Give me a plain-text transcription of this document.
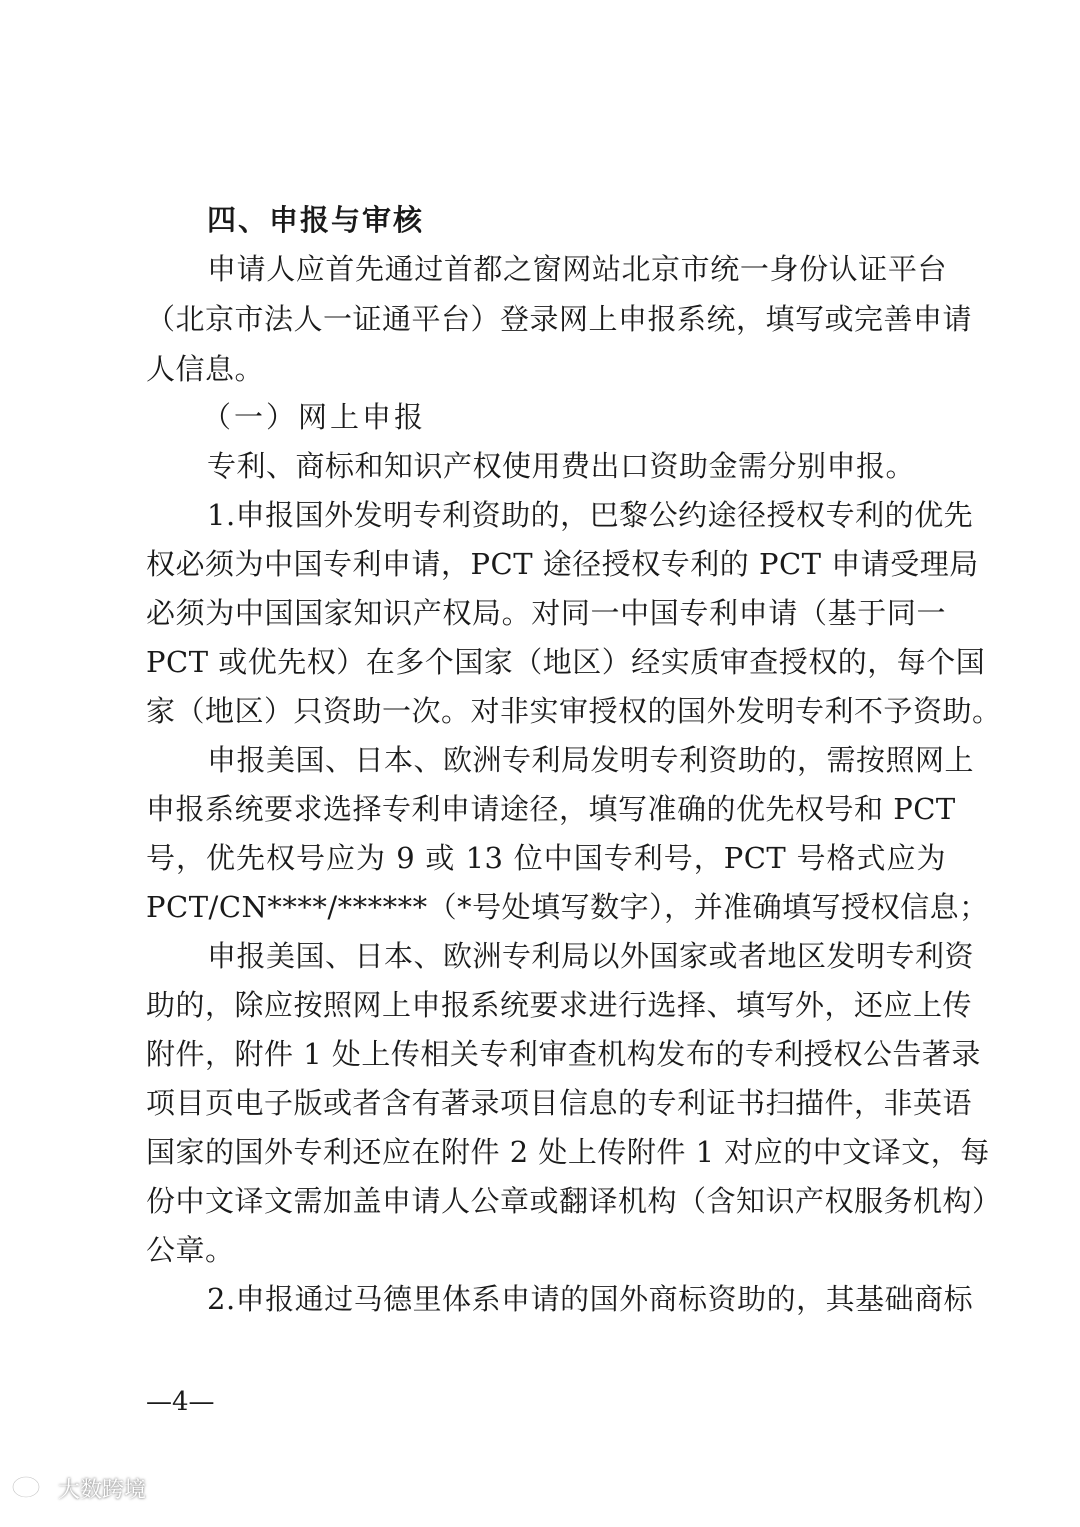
四、申报与审核
申请人应首先通过首都之窗网站北京市统一身份认证平台
（北京市法人一证通平台）登录网上申报系统，填写或完善申请
人信息。
（一）网上申报
专利、商标和知识产权使用费出口资助金需分别申报。
1.申报国外发明专利资助的，巴黎公约途径授权专利的优先
权必须为中国专利申请，PCT 途径授权专利的 PCT 申请受理局
必须为中国国家知识产权局。对同一中国专利申请（基于同一
PCT 或优先权）在多个国家（地区）经实质审查授权的，每个国
家（地区）只资助一次。对非实审授权的国外发明专利不予资助。
申报美国、日本、欧洲专利局发明专利资助的，需按照网上
申报系统要求选择专利申请途径，填写准确的优先权号和 PCT
号，优先权号应为 9 或 13 位中国专利号，PCT 号格式应为
PCT/CN****/******（*号处填写数字），并准确填写授权信息；
申报美国、日本、欧洲专利局以外国家或者地区发明专利资
助的，除应按照网上申报系统要求进行选择、填写外，还应上传
附件，附件 1 处上传相关专利审查机构发布的专利授权公告著录
项目页电子版或者含有著录项目信息的专利证书扫描件，非英语
国家的国外专利还应在附件 2 处上传附件 1 对应的中文译文，每
份中文译文需加盖申请人公章或翻译机构（含知识产权服务机构）
公章。
2.申报通过马德里体系申请的国外商标资助的，其基础商标
—4—
大数跨境
